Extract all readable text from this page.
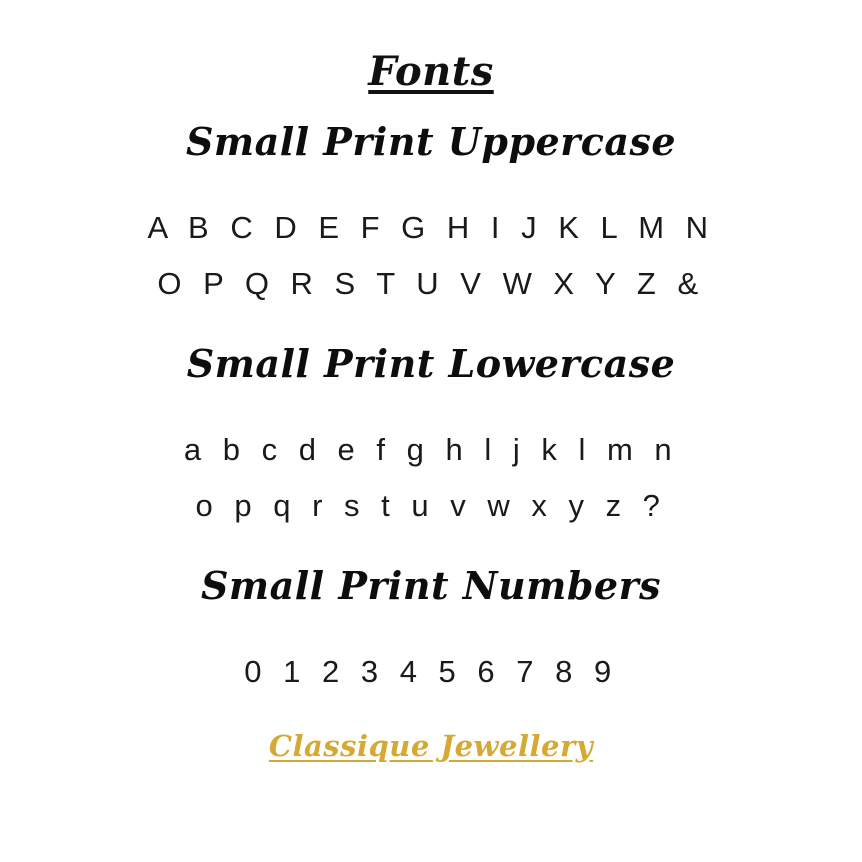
Fonts
Small Print Uppercase
A B C D E F G H I J K L M N
O P Q R S T U V W X Y Z &
Small Print Lowercase
a b c d e f g h l j k l m n
o p q r s t u v w x y z ?
Small Print Numbers
0 1 2 3 4 5 6 7 8 9
Classique Jewellery
